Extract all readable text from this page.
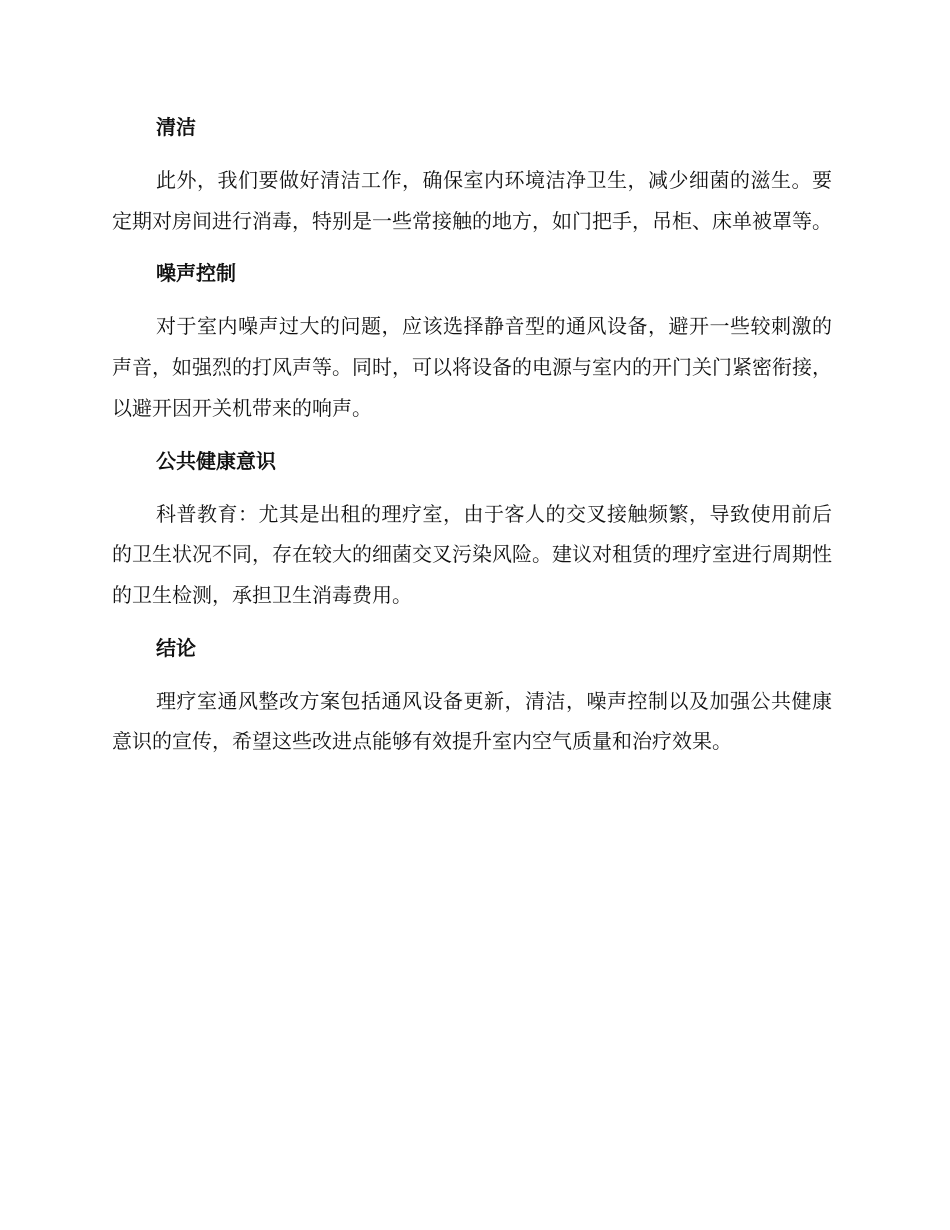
清洁

此外，我们要做好清洁工作，确保室内环境洁净卫生，减少细菌的滋生。要定期对房间进行消毒，特别是一些常接触的地方，如门把手，吊柜、床单被罩等。

噪声控制

对于室内噪声过大的问题，应该选择静音型的通风设备，避开一些较刺激的声音，如强烈的打风声等。同时，可以将设备的电源与室内的开门关门紧密衔接，以避开因开关机带来的响声。

公共健康意识

科普教育：尤其是出租的理疗室，由于客人的交叉接触频繁，导致使用前后的卫生状况不同，存在较大的细菌交叉污染风险。建议对租赁的理疗室进行周期性的卫生检测，承担卫生消毒费用。

结论

理疗室通风整改方案包括通风设备更新，清洁，噪声控制以及加强公共健康意识的宣传，希望这些改进点能够有效提升室内空气质量和治疗效果。
